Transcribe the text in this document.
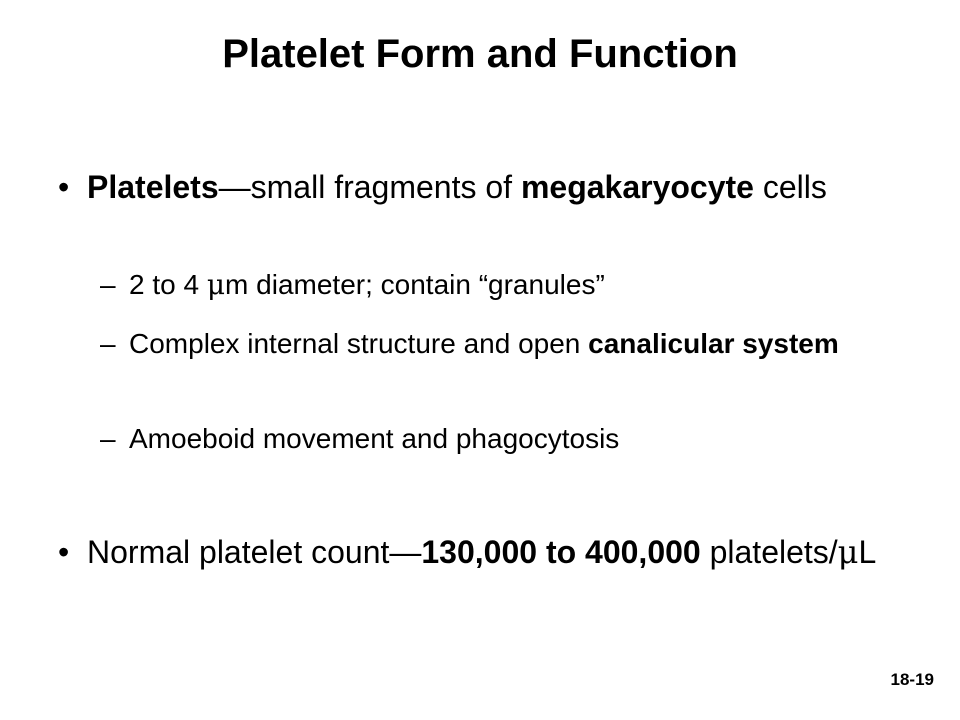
Platelet Form and Function
• Platelets—small fragments of megakaryocyte cells
– 2 to 4 μm diameter; contain “granules”
– Complex internal structure and open canalicular system
– Amoeboid movement and phagocytosis
• Normal platelet count—130,000 to 400,000 platelets/μL
18-19
